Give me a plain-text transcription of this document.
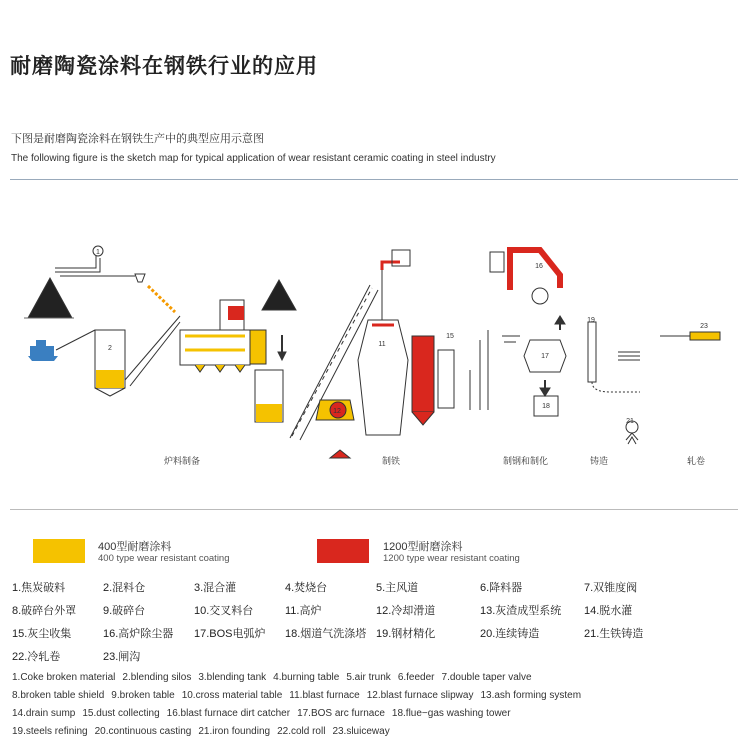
耐磨陶瓷涂料在钢铁行业的应用
下图是耐磨陶瓷涂料在钢铁生产中的典型应用示意图
The following figure is the sketch map for typical application of wear resistant ceramic coating in steel industry
1
2
16
11
15
17
18
19
23
21
12
炉料制备	制铁	制钢和制化	铸造	轧卷
400型耐磨涂料
400 type wear resistant coating
1200型耐磨涂料
1200 type wear resistant coating
1.焦炭破料	2.混料仓	3.混合灌	4.焚烧台	5.主风道	6.降料器	7.双锥度阀
8.破碎台外罩	9.破碎台	10.交叉料台	11.高炉	12.冷却滑道	13.灰渣成型系统	14.脱水灌
15.灰尘收集	16.高炉除尘器	17.BOS电弧炉	18.烟道气洗涤塔 19.钢材精化	20.连续铸造	21.生铁铸造
22.冷轧卷	23.闸沟
1.Coke broken material 2.blending silos 3.blending tank 4.burning table 5.air trunk 6.feeder 7.double taper valve
8.broken table shield 9.broken table 10.cross material table 11.blast furnace 12.blast furnace slipway 13.ash forming system
14.drain sump 15.dust collecting 16.blast furnace dirt catcher 17.BOS arc furnace 18.flue−gas washing tower
19.steels refining 20.continuous casting 21.iron founding 22.cold roll 23.sluiceway
